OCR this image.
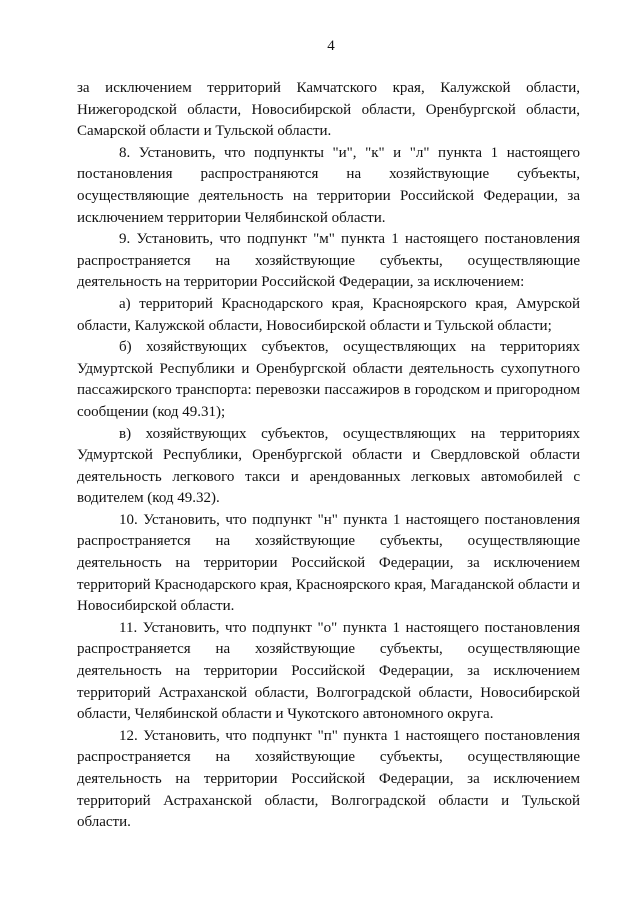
4

за исключением территорий Камчатского края, Калужской области, Нижегородской области, Новосибирской области, Оренбургской области, Самарской области и Тульской области.

8. Установить, что подпункты "и", "к" и "л" пункта 1 настоящего постановления распространяются на хозяйствующие субъекты, осуществляющие деятельность на территории Российской Федерации, за исключением территории Челябинской области.

9. Установить, что подпункт "м" пункта 1 настоящего постановления распространяется на хозяйствующие субъекты, осуществляющие деятельность на территории Российской Федерации, за исключением:

а) территорий Краснодарского края, Красноярского края, Амурской области, Калужской области, Новосибирской области и Тульской области;

б) хозяйствующих субъектов, осуществляющих на территориях Удмуртской Республики и Оренбургской области деятельность сухопутного пассажирского транспорта: перевозки пассажиров в городском и пригородном сообщении (код 49.31);

в) хозяйствующих субъектов, осуществляющих на территориях Удмуртской Республики, Оренбургской области и Свердловской области деятельность легкового такси и арендованных легковых автомобилей с водителем (код 49.32).

10. Установить, что подпункт "н" пункта 1 настоящего постановления распространяется на хозяйствующие субъекты, осуществляющие деятельность на территории Российской Федерации, за исключением территорий Краснодарского края, Красноярского края, Магаданской области и Новосибирской области.

11. Установить, что подпункт "о" пункта 1 настоящего постановления распространяется на хозяйствующие субъекты, осуществляющие деятельность на территории Российской Федерации, за исключением территорий Астраханской области, Волгоградской области, Новосибирской области, Челябинской области и Чукотского автономного округа.

12. Установить, что подпункт "п" пункта 1 настоящего постановления распространяется на хозяйствующие субъекты, осуществляющие деятельность на территории Российской Федерации, за исключением территорий Астраханской области, Волгоградской области и Тульской области.
